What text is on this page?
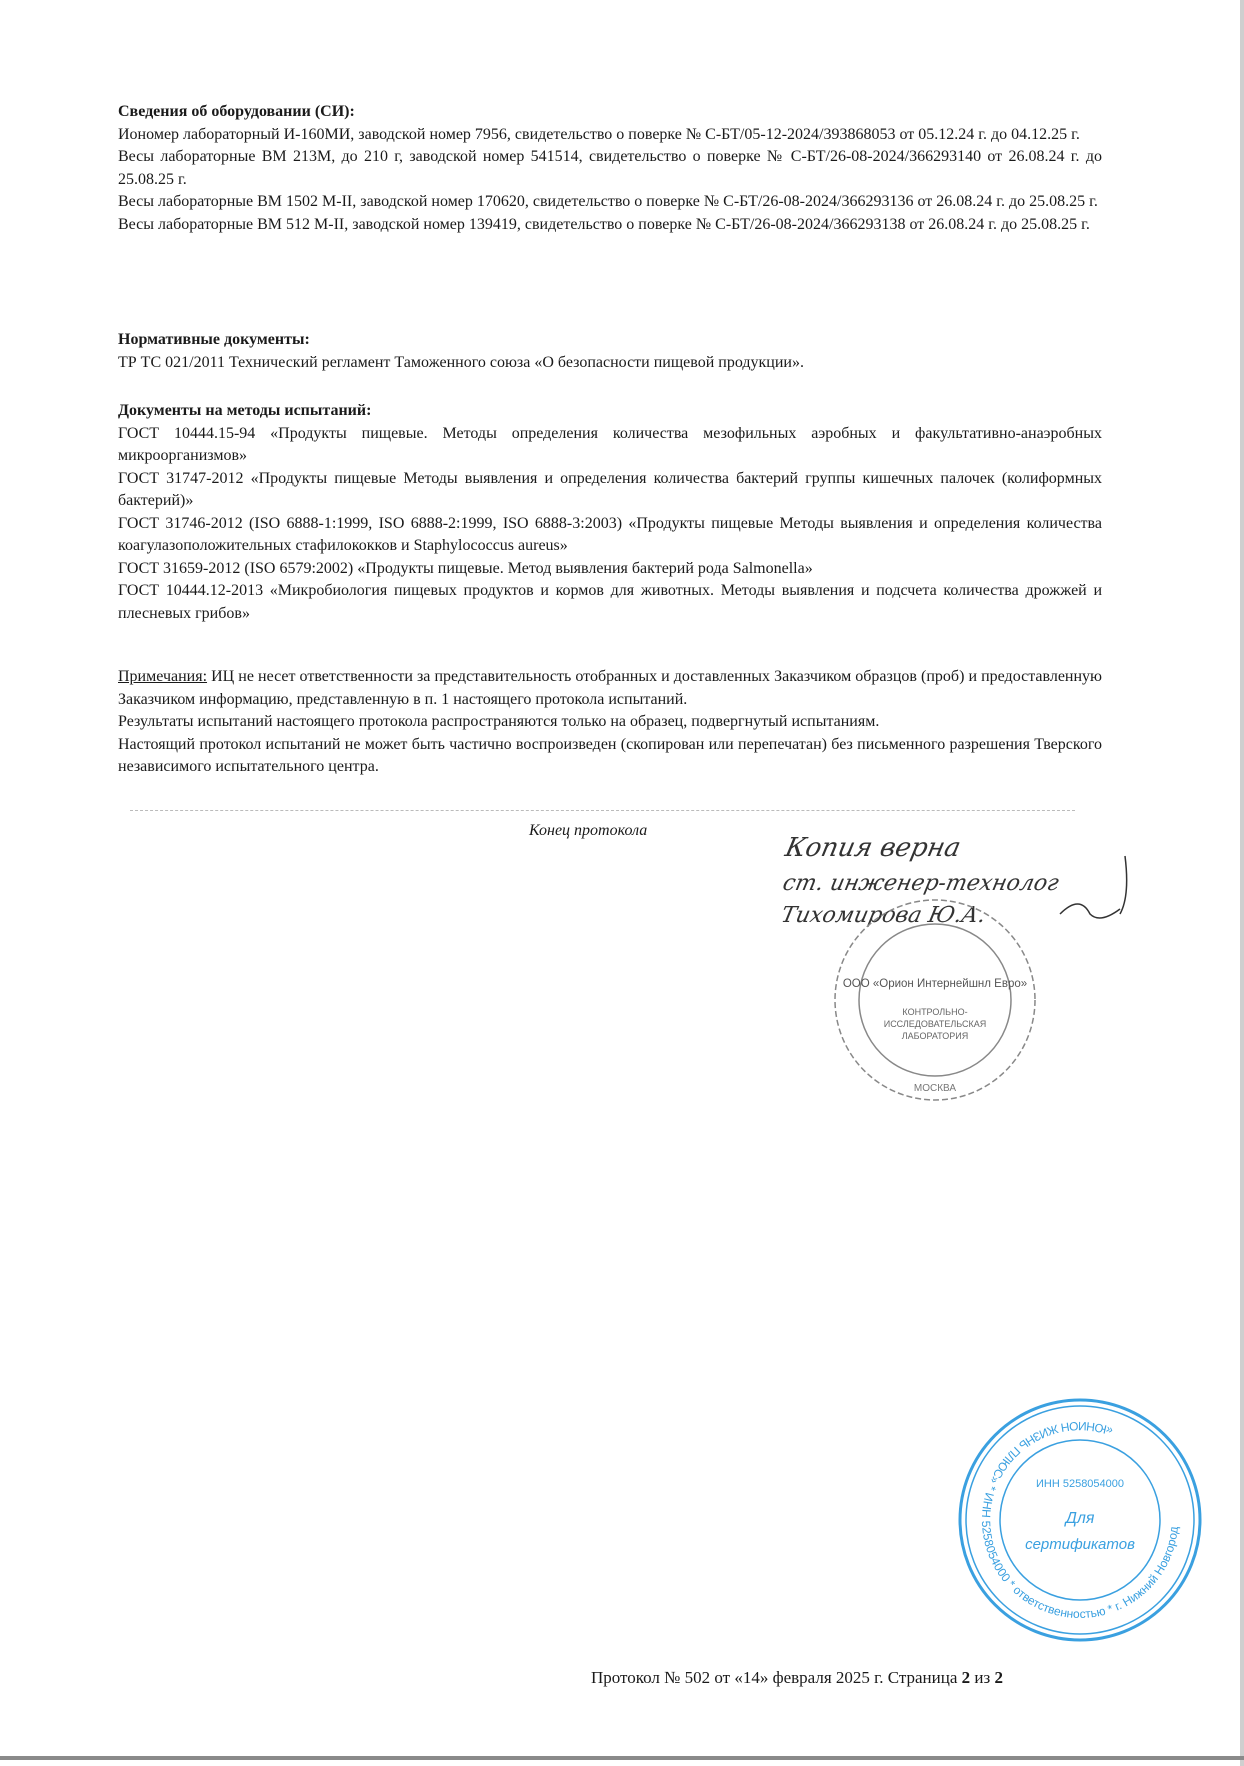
Сведения об оборудовании (СИ):

Иономер лабораторный И-160МИ, заводской номер 7956, свидетельство о поверке № С-БТ/05-12-2024/393868053 от 05.12.24 г. до 04.12.25 г.

Весы лабораторные ВМ 213М, до 210 г, заводской номер 541514, свидетельство о поверке № С-БТ/26-08-2024/366293140 от 26.08.24 г. до 25.08.25 г.

Весы лабораторные ВМ 1502 М-II, заводской номер 170620, свидетельство о поверке № С-БТ/26-08-2024/366293136 от 26.08.24 г. до 25.08.25 г.

Весы лабораторные ВМ 512 М-II, заводской номер 139419, свидетельство о поверке № С-БТ/26-08-2024/366293138 от 26.08.24 г. до 25.08.25 г.

Нормативные документы:

ТР ТС 021/2011 Технический регламент Таможенного союза «О безопасности пищевой продукции».

Документы на методы испытаний:

ГОСТ 10444.15-94 «Продукты пищевые. Методы определения количества мезофильных аэробных и факультативно-анаэробных микроорганизмов»

ГОСТ 31747-2012 «Продукты пищевые Методы выявления и определения количества бактерий группы кишечных палочек (колиформных бактерий)»

ГОСТ 31746-2012 (ISO 6888-1:1999, ISO 6888-2:1999, ISO 6888-3:2003) «Продукты пищевые Методы выявления и определения количества коагулазоположительных стафилококков и Staphylococcus aureus»

ГОСТ 31659-2012 (ISO 6579:2002) «Продукты пищевые. Метод выявления бактерий рода Salmonella»

ГОСТ 10444.12-2013 «Микробиология пищевых продуктов и кормов для животных. Методы выявления и подсчета количества дрожжей и плесневых грибов»

Примечания: ИЦ не несет ответственности за представительность отобранных и доставленных Заказчиком образцов (проб) и предоставленную Заказчиком информацию, представленную в п. 1 настоящего протокола испытаний.

Результаты испытаний настоящего протокола распространяются только на образец, подвергнутый испытаниям.

Настоящий протокол испытаний не может быть частично воспроизведен (скопирован или перепечатан) без письменного разрешения Тверского независимого испытательного центра.

Конец протокола
Копия верна
ст. инженер-технолог
Тихомирова Ю.А.
ООО «Орион Интернейшнл Евро»
КОНТРОЛЬНО-
ИССЛЕДОВАТЕЛЬСКАЯ
ЛАБОРАТОРИЯ
МОСКВА
«ЮНИОН ЖИЗНЬ ПЛЮС» * ИНН 5258054000 * ответственностью * г. Нижний Новгород
ИНН 5258054000
Для
сертификатов
Протокол № 502 от «14» февраля 2025 г. Страница 2 из 2
